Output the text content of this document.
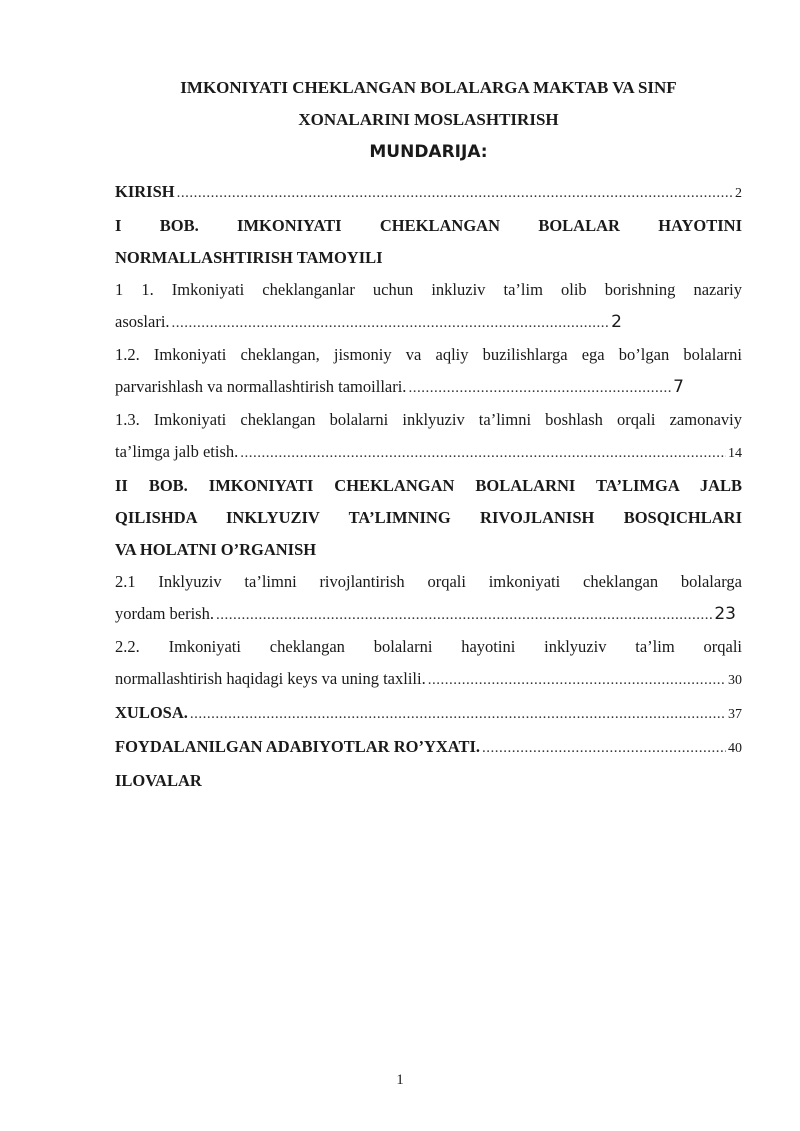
IMKONIYATI CHEKLANGAN BOLALARGA MAKTAB VA SINF
XONALARINI MOSLASHTIRISH
MUNDARIJA:
KIRISH .....	2
I BOB. IMKONIYATI CHEKLANGAN BOLALAR HAYOTINI
NORMALLASHTIRISH TAMOYILI
1 1. Imkoniyati cheklanganlar uchun inkluziv ta’lim olib borishning nazariy
asoslari. .....	2
1.2. Imkoniyati cheklangan, jismoniy va aqliy buzilishlarga ega bo’lgan bolalarni
parvarishlash va normallashtirish tamoillari. .....	7
1.3. Imkoniyati cheklangan bolalarni inklyuziv ta’limni boshlash orqali zamonaviy
ta’limga jalb etish. .....	14
II BOB. IMKONIYATI CHEKLANGAN BOLALARNI TA’LIMGA JALB
QILISHDA INKLYUZIV TA’LIMNING RIVOJLANISH BOSQICHLARI
VA HOLATNI O’RGANISH
2.1 Inklyuziv ta’limni rivojlantirish orqali imkoniyati cheklangan bolalarga
yordam berish. .....	23
2.2. Imkoniyati cheklangan bolalarni hayotini inklyuziv ta’lim orqali
normallashtirish haqidagi keys va uning taxlili. .....	30
XULOSA. .....	37
FOYDALANILGAN ADABIYOTLAR RO’YXATI. .....	40
ILOVALAR
1
